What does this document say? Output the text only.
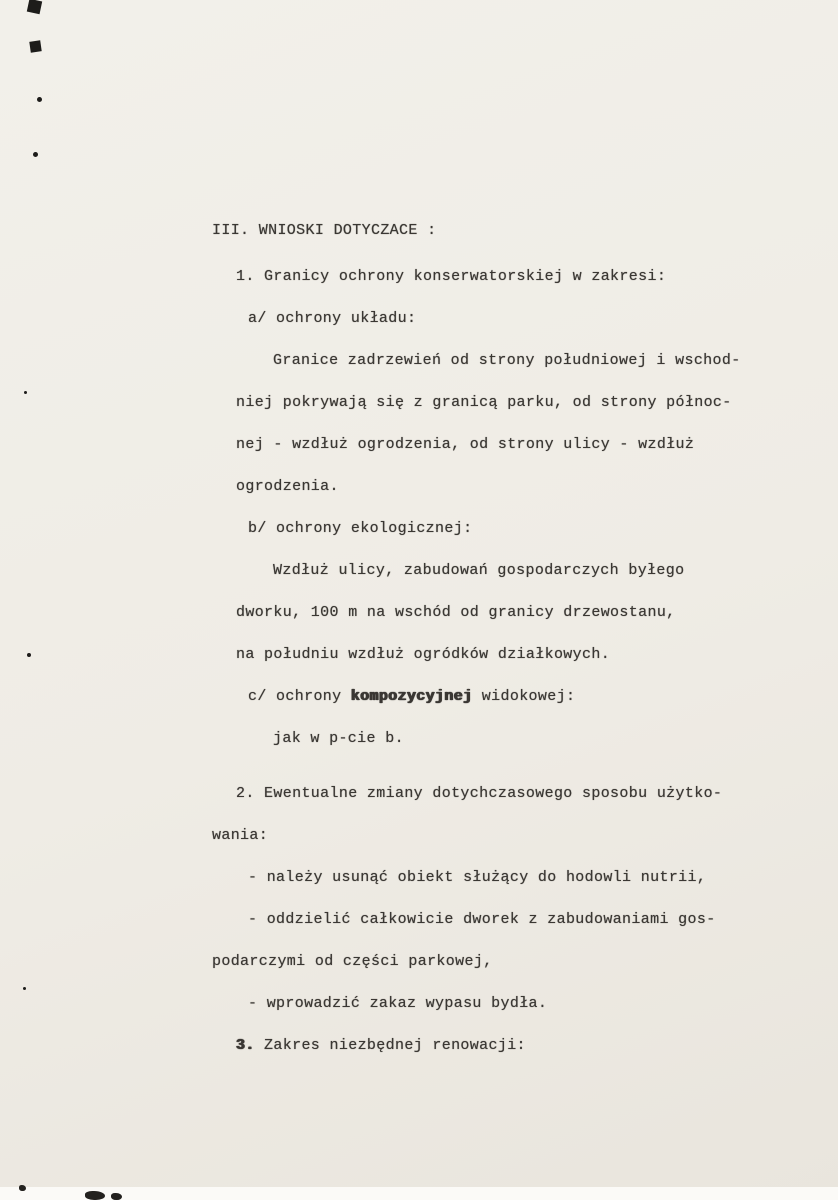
III. WNIOSKI DOTYCZACE :
1. Granicy ochrony konserwatorskiej w zakresi:
a/ ochrony układu:
Granice zadrzewień od strony południowej i wschod-
niej pokrywają się z granicą parku, od strony północ-
nej - wzdłuż ogrodzenia, od strony ulicy - wzdłuż
ogrodzenia.
b/ ochrony ekologicznej:
Wzdłuż ulicy, zabudowań gospodarczych byłego
dworku, 100 m na wschód od granicy drzewostanu,
na południu wzdłuż ogródków działkowych.
c/ ochrony kompozycyjnej widokowej:
jak w p-cie b.
2. Ewentualne zmiany dotychczasowego sposobu użytko-
wania:
- należy usunąć obiekt służący do hodowli nutrii,
- oddzielić całkowicie dworek z zabudowaniami gos-
podarczymi od części parkowej,
- wprowadzić zakaz wypasu bydła.
3. Zakres niezbędnej renowacji:
